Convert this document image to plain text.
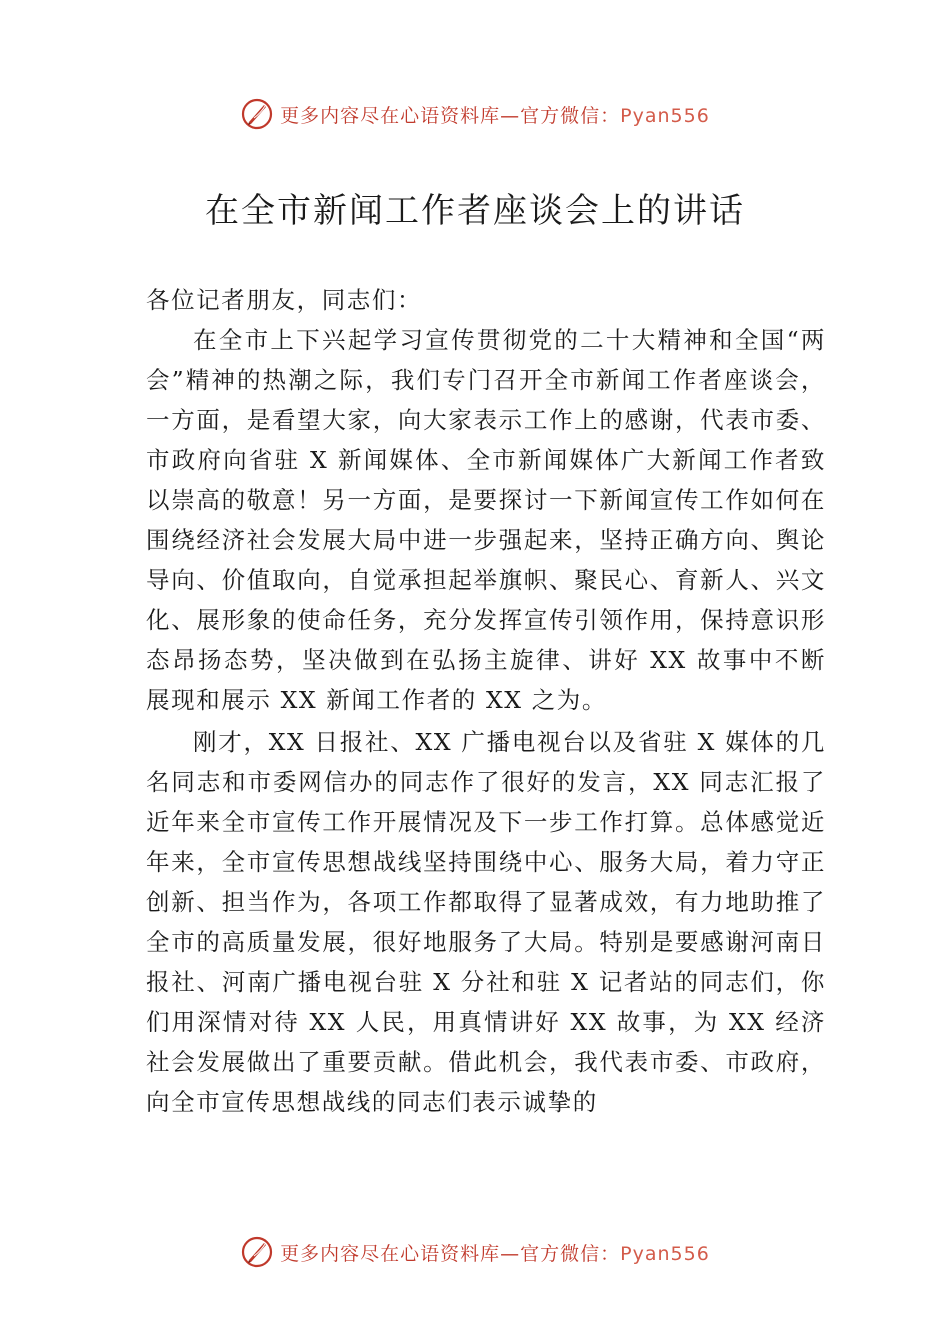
更多内容尽在心语资料库—官方微信：Pyan556
在全市新闻工作者座谈会上的讲话

各位记者朋友，同志们：

在全市上下兴起学习宣传贯彻党的二十大精神和全国“两会”精神的热潮之际，我们专门召开全市新闻工作者座谈会，一方面，是看望大家，向大家表示工作上的感谢，代表市委、市政府向省驻 X 新闻媒体、全市新闻媒体广大新闻工作者致以崇高的敬意！另一方面，是要探讨一下新闻宣传工作如何在围绕经济社会发展大局中进一步强起来，坚持正确方向、舆论导向、价值取向，自觉承担起举旗帜、聚民心、育新人、兴文化、展形象的使命任务，充分发挥宣传引领作用，保持意识形态昂扬态势，坚决做到在弘扬主旋律、讲好 XX 故事中不断展现和展示 XX 新闻工作者的 XX 之为。

刚才，XX 日报社、XX 广播电视台以及省驻 X 媒体的几名同志和市委网信办的同志作了很好的发言，XX 同志汇报了近年来全市宣传工作开展情况及下一步工作打算。总体感觉近年来，全市宣传思想战线坚持围绕中心、服务大局，着力守正创新、担当作为，各项工作都取得了显著成效，有力地助推了全市的高质量发展，很好地服务了大局。特别是要感谢河南日报社、河南广播电视台驻 X 分社和驻 X 记者站的同志们，你们用深情对待 XX 人民，用真情讲好 XX 故事，为 XX 经济社会发展做出了重要贡献。借此机会，我代表市委、市政府，向全市宣传思想战线的同志们表示诚挚的

更多内容尽在心语资料库—官方微信：Pyan556
